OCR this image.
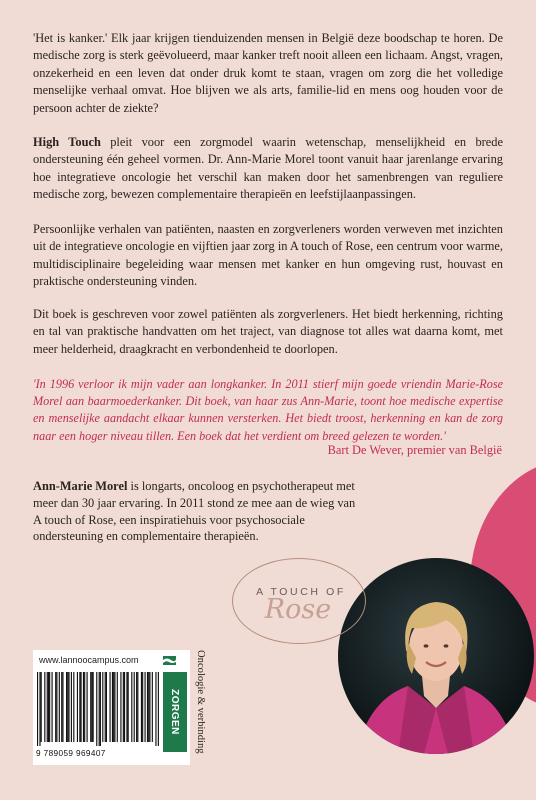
'Het is kanker.' Elk jaar krijgen tienduizenden mensen in België deze boodschap te horen. De medische zorg is sterk geëvolueerd, maar kanker treft nooit alleen een lichaam. Angst, vragen, onzekerheid en een leven dat onder druk komt te staan, vragen om zorg die het volledige menselijke verhaal omvat. Hoe blijven we als arts, familie-lid en mens oog houden voor de persoon achter de ziekte?

High Touch pleit voor een zorgmodel waarin wetenschap, menselijkheid en brede ondersteuning één geheel vormen. Dr. Ann-Marie Morel toont vanuit haar jarenlange ervaring hoe integratieve oncologie het verschil kan maken door het samenbrengen van reguliere medische zorg, bewezen complementaire therapieën en leefstijlaanpassingen.

Persoonlijke verhalen van patiënten, naasten en zorgverleners worden verweven met inzichten uit de integratieve oncologie en vijftien jaar zorg in A touch of Rose, een centrum voor warme, multidisciplinaire begeleiding waar mensen met kanker en hun omgeving rust, houvast en praktische ondersteuning vinden.

Dit boek is geschreven voor zowel patiënten als zorgverleners. Het biedt herkenning, richting en tal van praktische handvatten om het traject, van diagnose tot alles wat daarna komt, met meer helderheid, draagkracht en verbondenheid te doorlopen.

'In 1996 verloor ik mijn vader aan longkanker. In 2011 stierf mijn goede vriendin Marie-Rose Morel aan baarmoederkanker. Dit boek, van haar zus Ann-Marie, toont hoe medische expertise en menselijke aandacht elkaar kunnen versterken. Het biedt troost, herkenning en kan de zorg naar een hoger niveau tillen. Een boek dat het verdient om breed gelezen te worden.'

Bart De Wever, premier van België

Ann-Marie Morel is longarts, oncoloog en psychotherapeut met meer dan 30 jaar ervaring. In 2011 stond ze mee aan de wieg van A touch of Rose, een inspiratiehuis voor psychosociale ondersteuning en complementaire therapieën.

A TOUCH OF
Rose
www.lannoocampus.com
9 789059 969407
ZORGEN	Oncologie & verbinding
